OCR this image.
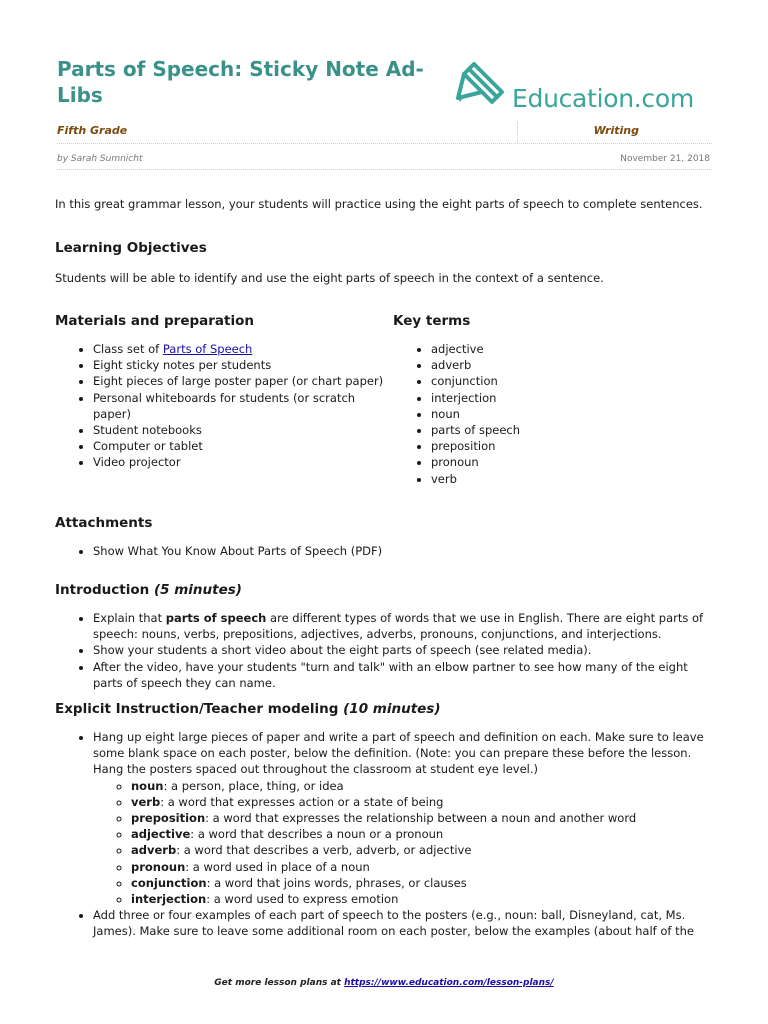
Parts of Speech: Sticky Note Ad-Libs	Education.com
Fifth Grade	Writing
by Sarah Sumnicht	November 21, 2018

In this great grammar lesson, your students will practice using the eight parts of speech to complete sentences.

Learning Objectives

Students will be able to identify and use the eight parts of speech in the context of a sentence.

Materials and preparation
• Class set of Parts of Speech
• Eight sticky notes per students
• Eight pieces of large poster paper (or chart paper)
• Personal whiteboards for students (or scratch paper)
• Student notebooks
• Computer or tablet
• Video projector
Key terms
• adjective
• adverb
• conjunction
• interjection
• noun
• parts of speech
• preposition
• pronoun
• verb
Attachments
• Show What You Know About Parts of Speech (PDF)
Introduction (5 minutes)
• Explain that parts of speech are different types of words that we use in English. There are eight parts of speech: nouns, verbs, prepositions, adjectives, adverbs, pronouns, conjunctions, and interjections.
• Show your students a short video about the eight parts of speech (see related media).
• After the video, have your students "turn and talk" with an elbow partner to see how many of the eight parts of speech they can name.
Explicit Instruction/Teacher modeling (10 minutes)
• Hang up eight large pieces of paper and write a part of speech and definition on each. Make sure to leave some blank space on each poster, below the definition. (Note: you can prepare these before the lesson. Hang the posters spaced out throughout the classroom at student eye level.)
◦ noun: a person, place, thing, or idea
◦ verb: a word that expresses action or a state of being
◦ preposition: a word that expresses the relationship between a noun and another word
◦ adjective: a word that describes a noun or a pronoun
◦ adverb: a word that describes a verb, adverb, or adjective
◦ pronoun: a word used in place of a noun
◦ conjunction: a word that joins words, phrases, or clauses
◦ interjection: a word used to express emotion
• Add three or four examples of each part of speech to the posters (e.g., noun: ball, Disneyland, cat, Ms. James). Make sure to leave some additional room on each poster, below the examples (about half of the
Get more lesson plans at https://www.education.com/lesson-plans/
